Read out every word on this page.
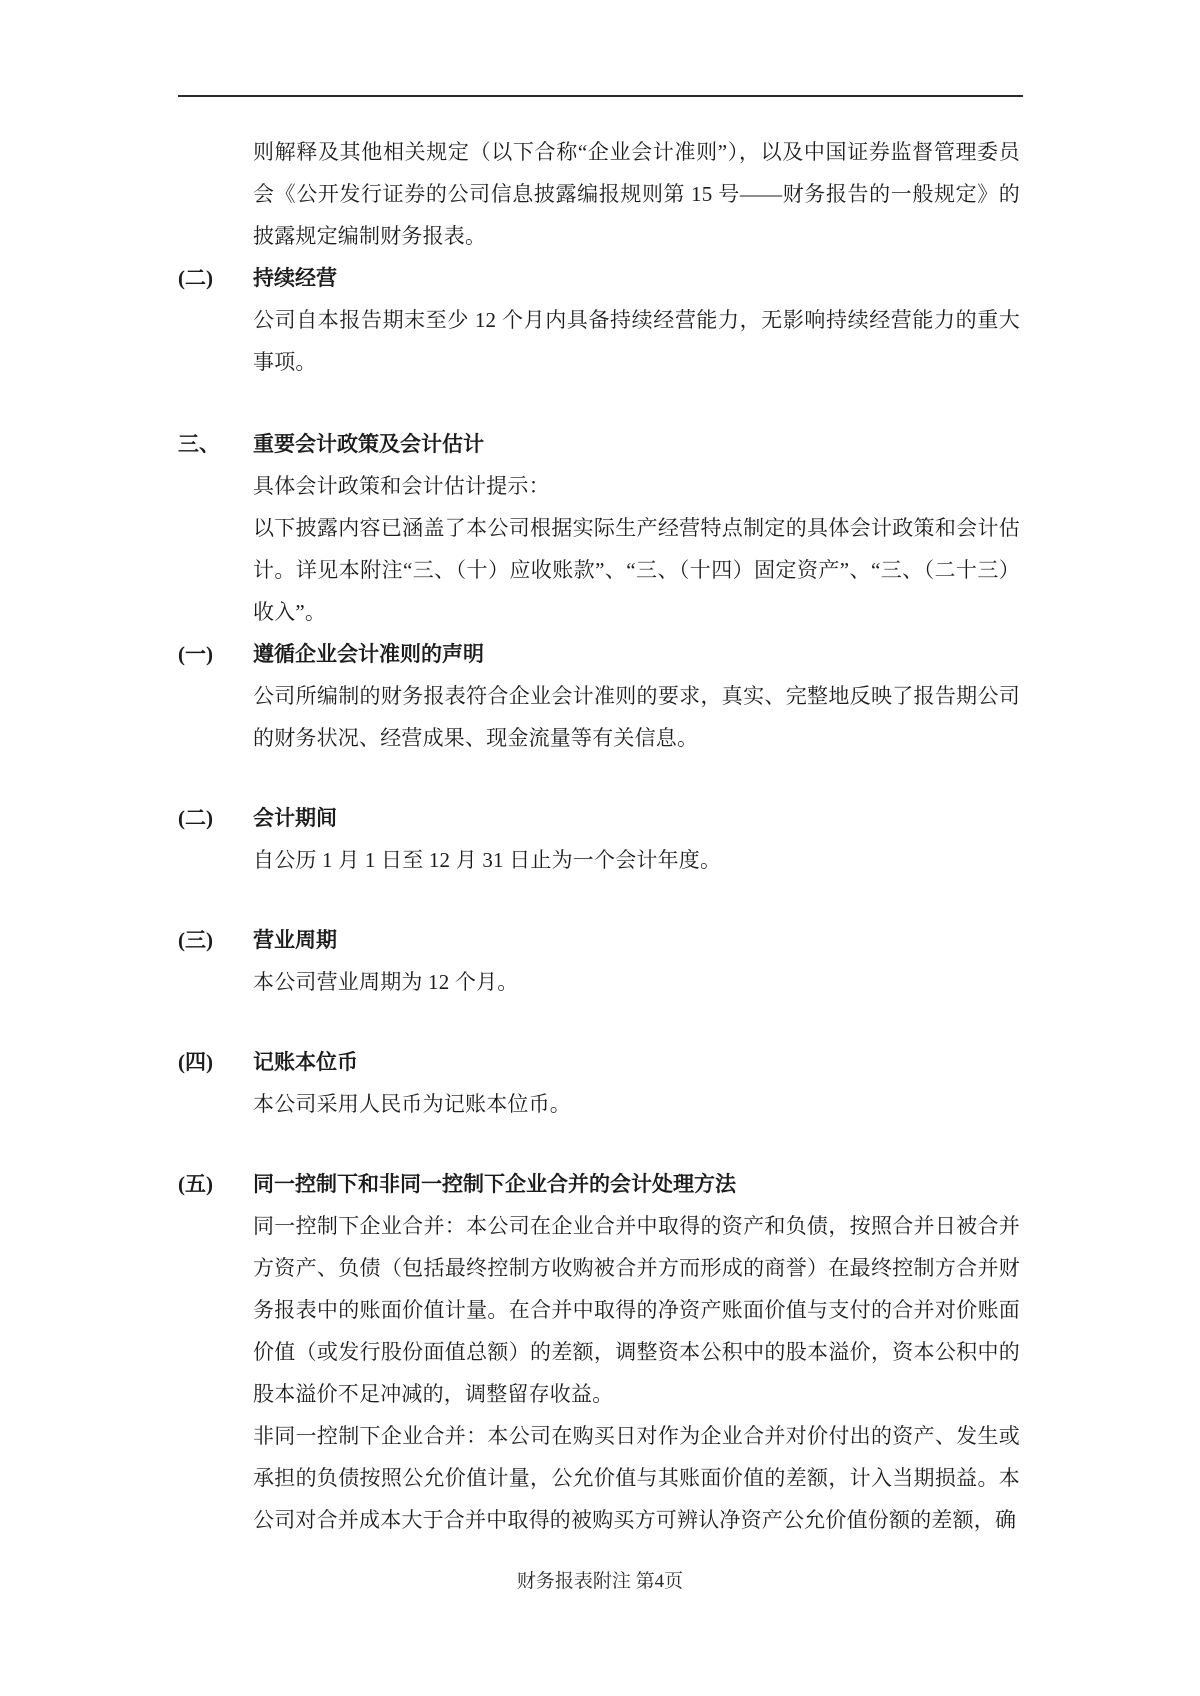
则解释及其他相关规定（以下合称“企业会计准则”），以及中国证券监督管理委员会《公开发行证券的公司信息披露编报规则第 15 号——财务报告的一般规定》的披露规定编制财务报表。

(二) 持续经营

公司自本报告期末至少 12 个月内具备持续经营能力，无影响持续经营能力的重大事项。

三、 重要会计政策及会计估计

具体会计政策和会计估计提示：

以下披露内容已涵盖了本公司根据实际生产经营特点制定的具体会计政策和会计估计。详见本附注“三、（十）应收账款”、“三、（十四）固定资产”、“三、（二十三）收入”。

(一) 遵循企业会计准则的声明

公司所编制的财务报表符合企业会计准则的要求，真实、完整地反映了报告期公司的财务状况、经营成果、现金流量等有关信息。

(二) 会计期间

自公历 1 月 1 日至 12 月 31 日止为一个会计年度。

(三) 营业周期

本公司营业周期为 12 个月。

(四) 记账本位币

本公司采用人民币为记账本位币。

(五) 同一控制下和非同一控制下企业合并的会计处理方法

同一控制下企业合并：本公司在企业合并中取得的资产和负债，按照合并日被合并方资产、负债（包括最终控制方收购被合并方而形成的商誉）在最终控制方合并财务报表中的账面价值计量。在合并中取得的净资产账面价值与支付的合并对价账面价值（或发行股份面值总额）的差额，调整资本公积中的股本溢价，资本公积中的股本溢价不足冲减的，调整留存收益。

非同一控制下企业合并：本公司在购买日对作为企业合并对价付出的资产、发生或承担的负债按照公允价值计量，公允价值与其账面价值的差额，计入当期损益。本公司对合并成本大于合并中取得的被购买方可辨认净资产公允价值份额的差额，确

财务报表附注 第4页
